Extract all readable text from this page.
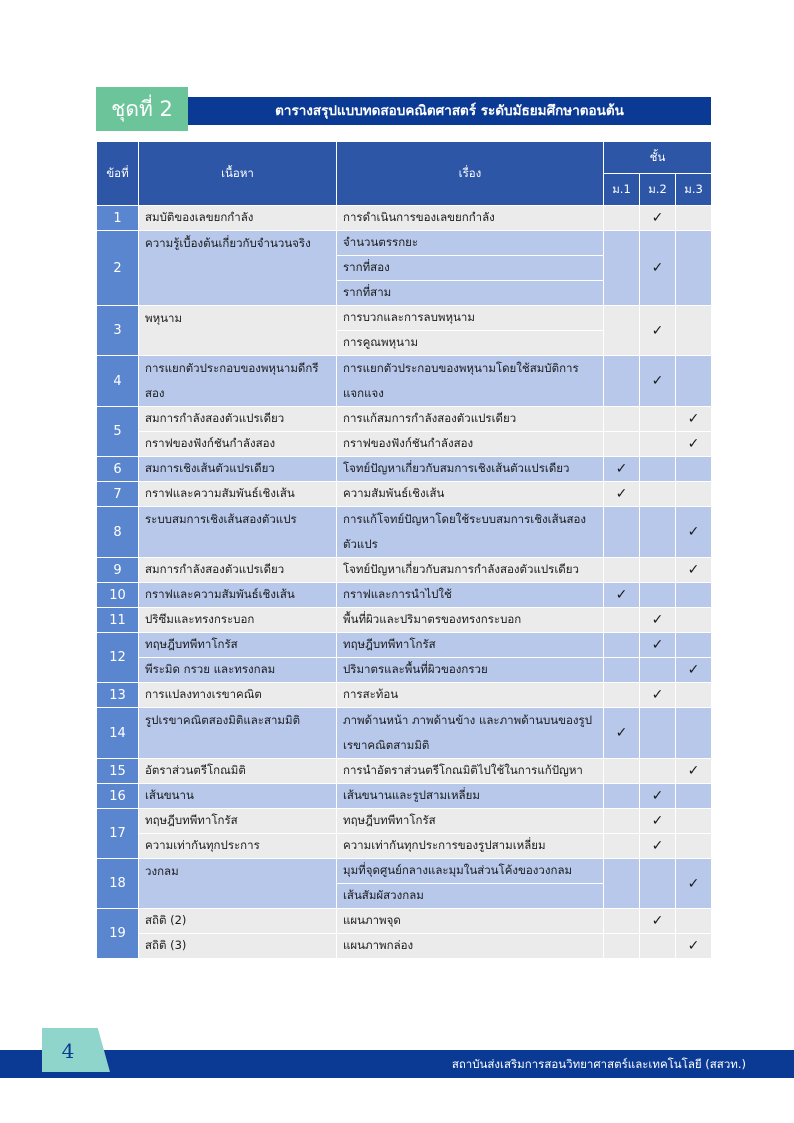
ชุดที่ 2	ตารางสรุปแบบทดสอบคณิตศาสตร์ ระดับมัธยมศึกษาตอนต้น
ข้อที่	เนื้อหา	เรื่อง	ชั้น		
			ม.1	ม.2	ม.3
1	สมบัติของเลขยกกำลัง	การดำเนินการของเลขยกกำลัง		✓	
2	ความรู้เบื้องต้นเกี่ยวกับจำนวนจริง	จำนวนตรรกยะ		✓	
		รากที่สอง			
		รากที่สาม			
3	พหุนาม	การบวกและการลบพหุนาม		✓	
		การคูณพหุนาม			
4	การแยกตัวประกอบของพหุนามดีกรีสอง	การแยกตัวประกอบของพหุนามโดยใช้สมบัติการแจกแจง		✓	
5	สมการกำลังสองตัวแปรเดียว	การแก้สมการกำลังสองตัวแปรเดียว			✓
	กราฟของฟังก์ชันกำลังสอง	กราฟของฟังก์ชันกำลังสอง			✓
6	สมการเชิงเส้นตัวแปรเดียว	โจทย์ปัญหาเกี่ยวกับสมการเชิงเส้นตัวแปรเดียว	✓		
7	กราฟและความสัมพันธ์เชิงเส้น	ความสัมพันธ์เชิงเส้น	✓		
8	ระบบสมการเชิงเส้นสองตัวแปร	การแก้โจทย์ปัญหาโดยใช้ระบบสมการเชิงเส้นสองตัวแปร			✓
9	สมการกำลังสองตัวแปรเดียว	โจทย์ปัญหาเกี่ยวกับสมการกำลังสองตัวแปรเดียว			✓
10	กราฟและความสัมพันธ์เชิงเส้น	กราฟและการนำไปใช้	✓		
11	ปริซึมและทรงกระบอก	พื้นที่ผิวและปริมาตรของทรงกระบอก		✓	
12	ทฤษฎีบทพีทาโกรัส	ทฤษฎีบทพีทาโกรัส		✓	
	พีระมิด กรวย และทรงกลม	ปริมาตรและพื้นที่ผิวของกรวย			✓
13	การแปลงทางเรขาคณิต	การสะท้อน		✓	
14	รูปเรขาคณิตสองมิติและสามมิติ	ภาพด้านหน้า ภาพด้านข้าง และภาพด้านบนของรูปเรขาคณิตสามมิติ	✓		
15	อัตราส่วนตรีโกณมิติ	การนำอัตราส่วนตรีโกณมิติไปใช้ในการแก้ปัญหา			✓
16	เส้นขนาน	เส้นขนานและรูปสามเหลี่ยม		✓	
17	ทฤษฎีบทพีทาโกรัส	ทฤษฎีบทพีทาโกรัส		✓	
	ความเท่ากันทุกประการ	ความเท่ากันทุกประการของรูปสามเหลี่ยม		✓	
18	วงกลม	มุมที่จุดศูนย์กลางและมุมในส่วนโค้งของวงกลม			✓
		เส้นสัมผัสวงกลม			
19	สถิติ (2)	แผนภาพจุด		✓	
	สถิติ (3)	แผนภาพกล่อง			✓
สถาบันส่งเสริมการสอนวิทยาศาสตร์และเทคโนโลยี (สสวท.)
4
